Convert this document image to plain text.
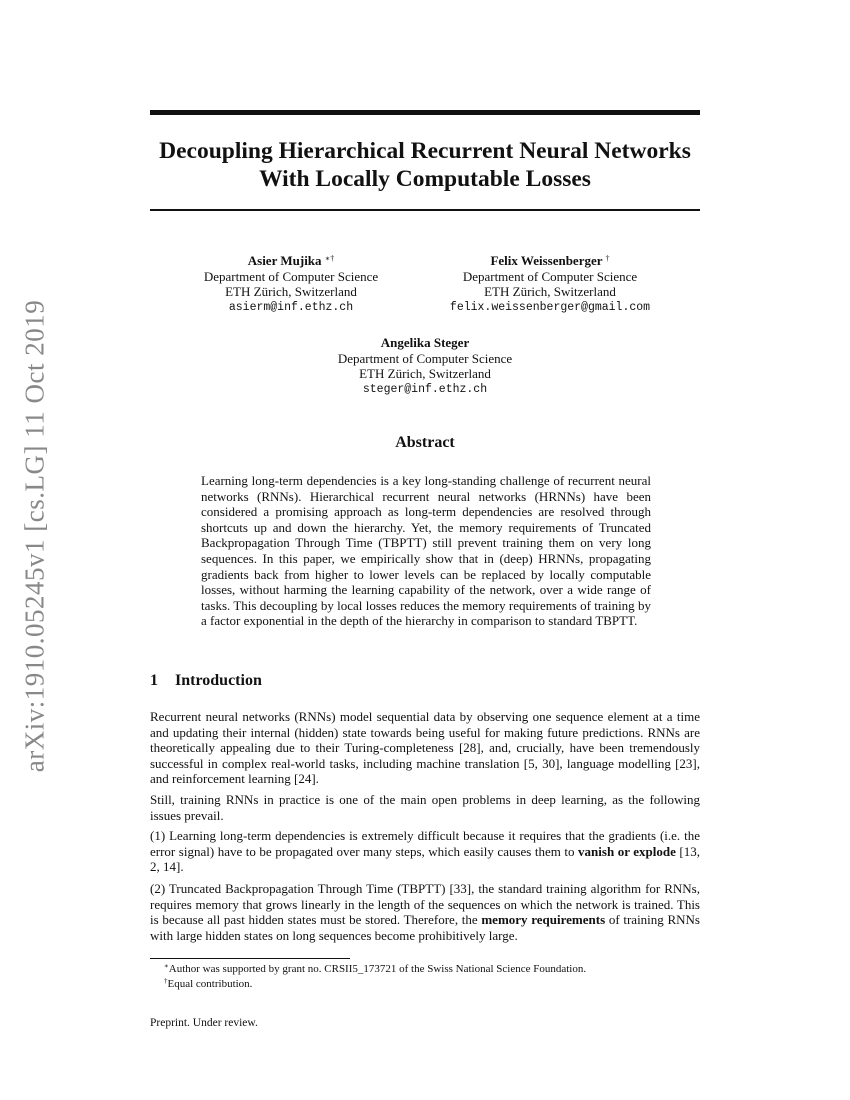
arXiv:1910.05245v1 [cs.LG] 11 Oct 2019
Decoupling Hierarchical Recurrent Neural Networks
With Locally Computable Losses
Asier Mujika ∗†
Department of Computer Science
ETH Zürich, Switzerland
asierm@inf.ethz.ch
Felix Weissenberger †
Department of Computer Science
ETH Zürich, Switzerland
felix.weissenberger@gmail.com
Angelika Steger
Department of Computer Science
ETH Zürich, Switzerland
steger@inf.ethz.ch
Abstract

Learning long-term dependencies is a key long-standing challenge of recurrent neural networks (RNNs). Hierarchical recurrent neural networks (HRNNs) have been considered a promising approach as long-term dependencies are resolved through shortcuts up and down the hierarchy. Yet, the memory requirements of Truncated Backpropagation Through Time (TBPTT) still prevent training them on very long sequences. In this paper, we empirically show that in (deep) HRNNs, propagating gradients back from higher to lower levels can be replaced by locally computable losses, without harming the learning capability of the network, over a wide range of tasks. This decoupling by local losses reduces the memory requirements of training by a factor exponential in the depth of the hierarchy in comparison to standard TBPTT.

1 Introduction

Recurrent neural networks (RNNs) model sequential data by observing one sequence element at a time and updating their internal (hidden) state towards being useful for making future predictions. RNNs are theoretically appealing due to their Turing-completeness [28], and, crucially, have been tremendously successful in complex real-world tasks, including machine translation [5, 30], language modelling [23], and reinforcement learning [24].

Still, training RNNs in practice is one of the main open problems in deep learning, as the following issues prevail.

(1) Learning long-term dependencies is extremely difficult because it requires that the gradients (i.e. the error signal) have to be propagated over many steps, which easily causes them to vanish or explode [13, 2, 14].

(2) Truncated Backpropagation Through Time (TBPTT) [33], the standard training algorithm for RNNs, requires memory that grows linearly in the length of the sequences on which the network is trained. This is because all past hidden states must be stored. Therefore, the memory requirements of training RNNs with large hidden states on long sequences become prohibitively large.

∗Author was supported by grant no. CRSII5_173721 of the Swiss National Science Foundation.

†Equal contribution.

Preprint. Under review.
